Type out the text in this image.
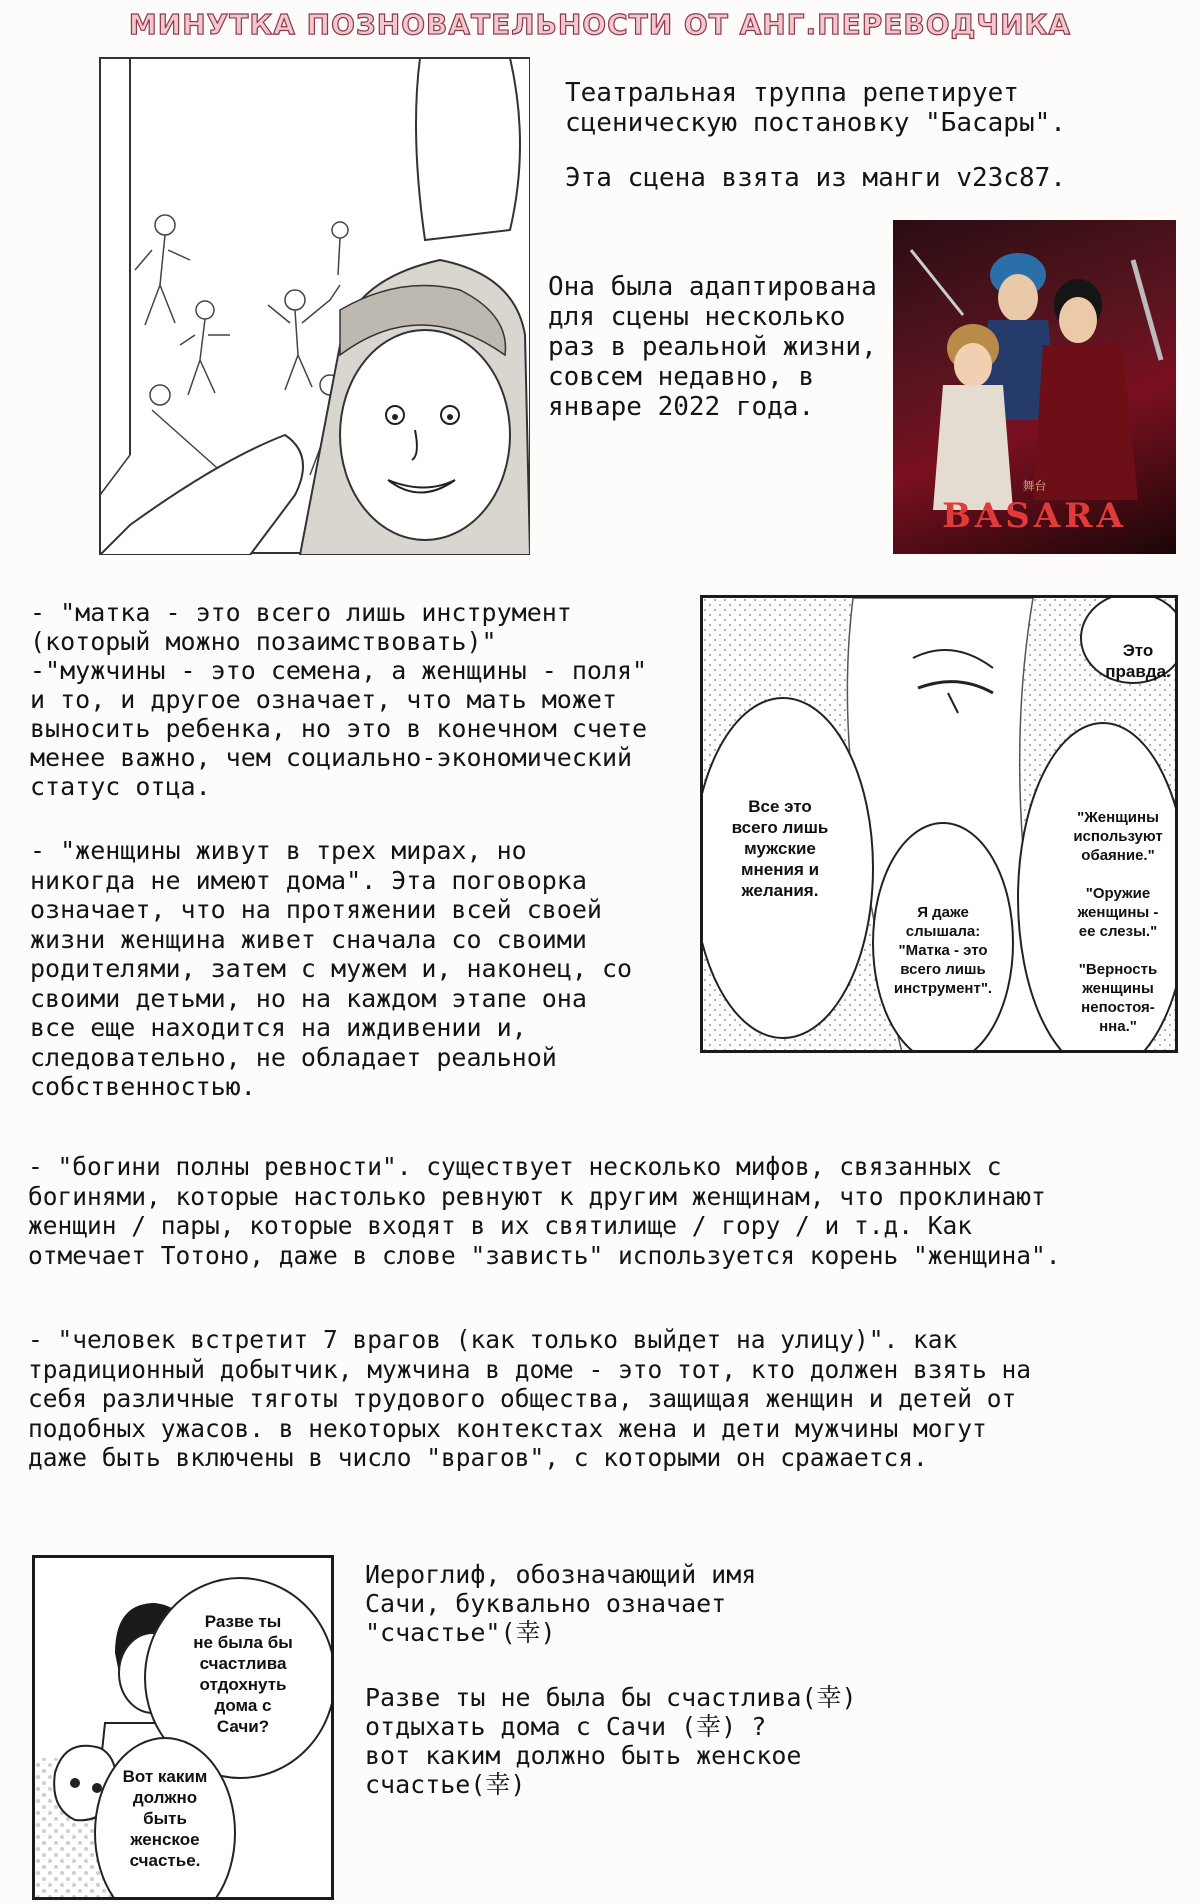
МИНУТКА ПОЗНОВАТЕЛЬНОСТИ ОТ АНГ.ПЕРЕВОДЧИКА
Театральная труппа репетирует
сценическую постановку "Басары".
Эта сцена взята из манги v23c87.
Она была адаптирована
для сцены несколько
раз в реальной жизни,
совсем недавно, в
январе 2022 года.
舞台
BASARA
- "матка - это всего лишь инструмент
(который можно позаимствовать)"
-"мужчины - это семена, а женщины - поля"
и то, и другое означает, что мать может
выносить ребенка, но это в конечном счете
менее важно, чем социально-экономический
статус отца.
- "женщины живут в трех мирах, но
никогда не имеют дома". Эта поговорка
означает, что на протяжении всей своей
жизни женщина живет сначала со своими
родителями, затем с мужем и, наконец, со
своими детьми, но на каждом этапе она
все еще находится на иждивении и,
следовательно, не обладает реальной
собственностью.
Это
правда.
Все это
всего лишь
мужские
мнения и
желания.
"Женщины
используют
обаяние."

"Оружие
женщины -
ее слезы."

"Верность
женщины
непостоя-
нна."
Я даже
слышала:
"Матка - это
всего лишь
инструмент".
- "богини полны ревности". существует несколько мифов, связанных с
богинями, которые настолько ревнуют к другим женщинам, что проклинают
женщин / пары, которые входят в их святилище / гору / и т.д. Как
отмечает Тотоно, даже в слове "зависть" используется корень "женщина".
- "человек встретит 7 врагов (как только выйдет на улицу)". как
традиционный добытчик, мужчина в доме - это тот, кто должен взять на
себя различные тяготы трудового общества, защищая женщин и детей от
подобных ужасов. в некоторых контекстах жена и дети мужчины могут
даже быть включены в число "врагов", с которыми он сражается.
Разве ты
не была бы
счастлива
отдохнуть
дома с
Сачи?
Вот каким
должно
быть
женское
счастье.
Иероглиф, обозначающий имя
Сачи, буквально означает
"счастье"(幸)
Разве ты не была бы счастлива(幸)
отдыхать дома с Сачи (幸) ?
вот каким должно быть женское
счастье(幸)
